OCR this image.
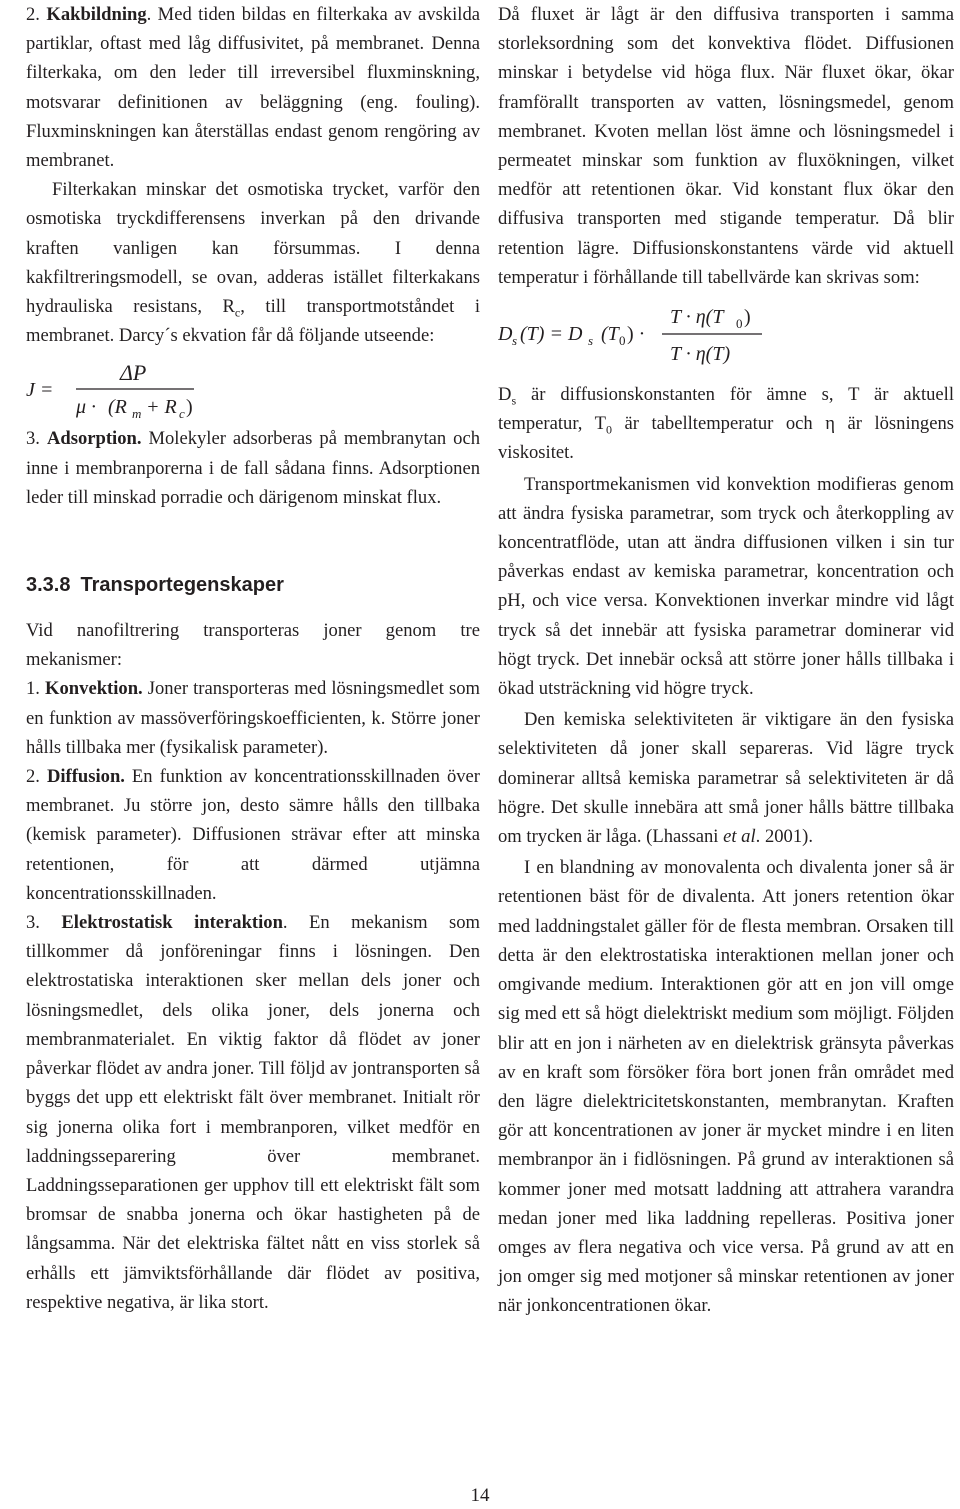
2. Kakbildning. Med tiden bildas en filterkaka av avskilda partiklar, oftast med låg diffusivitet, på membranet. Denna filterkaka, om den leder till irreversibel fluxminskning, motsvarar definitionen av beläggning (eng. fouling). Fluxminskningen kan återställas endast genom rengöring av membranet.

Filterkakan minskar det osmotiska trycket, varför den osmotiska tryckdifferensens inverkan på den drivande kraften vanligen kan försummas. I denna kakfiltreringsmodell, se ovan, adderas istället filterkakans hydrauliska resistans, $R_c$, till transportmotståndet i membranet. Darcy´s ekvation får då följande utseende:

J =
ΔP
μ · (R m + R c )

3. Adsorption. Molekyler adsorberas på membranytan och inne i membranporerna i de fall sådana finns. Adsorptionen leder till minskad porradie och därigenom minskat flux.

3.3.8 Transportegenskaper

Vid nanofiltrering transporteras joner genom tre mekanismer:

1. Konvektion. Joner transporteras med lösningsmedlet som en funktion av massöverföringskoefficienten, k. Större joner hålls tillbaka mer (fysikalisk parameter).

2. Diffusion. En funktion av koncentrationsskillnaden över membranet. Ju större jon, desto sämre hålls den tillbaka (kemisk parameter). Diffusionen strävar efter att minska retentionen, för att därmed utjämna koncentrationsskillnaden.

3. Elektrostatisk interaktion. En mekanism som tillkommer då jonföreningar finns i lösningen. Den elektrostatiska interaktionen sker mellan dels joner och lösningsmedlet, dels olika joner, dels jonerna och membranmaterialet. En viktig faktor då flödet av joner påverkar flödet av andra joner. Till följd av jontransporten så byggs det upp ett elektriskt fält över membranet. Initialt rör sig jonerna olika fort i membranporen, vilket medför en laddningsseparering över membranet. Laddningsseparationen ger upphov till ett elektriskt fält som bromsar de snabba jonerna och ökar hastigheten på de långsamma. När det elektriska fältet nått en viss storlek så erhålls ett jämviktsförhållande där flödet av positiva, respektive negativa, är lika stort.

Då fluxet är lågt är den diffusiva transporten i samma storleksordning som det konvektiva flödet. Diffusionen minskar i betydelse vid höga flux. När fluxet ökar, ökar framförallt transporten av vatten, lösningsmedel, genom membranet. Kvoten mellan löst ämne och lösningsmedel i permeatet minskar som funktion av fluxökningen, vilket medför att retentionen ökar. Vid konstant flux ökar den diffusiva transporten med stigande temperatur. Då blir retention lägre. Diffusionskonstantens värde vid aktuell temperatur i förhållande till tabellvärde kan skrivas som:

D s (T) = D s (T 0 ) ·
T · η(T 0 )
T · η(T)

$D_s$ är diffusionskonstanten för ämne s, T är aktuell temperatur, $T_0$ är tabelltemperatur och η är lösningens viskositet.

Transportmekanismen vid konvektion modifieras genom att ändra fysiska parametrar, som tryck och återkoppling av koncentratflöde, utan att ändra diffusionen vilken i sin tur påverkas endast av kemiska parametrar, koncentration och pH, och vice versa. Konvektionen inverkar mindre vid lågt tryck så det innebär att fysiska parametrar dominerar vid högt tryck. Det innebär också att större joner hålls tillbaka i ökad utsträckning vid högre tryck.

Den kemiska selektiviteten är viktigare än den fysiska selektiviteten då joner skall separeras. Vid lägre tryck dominerar alltså kemiska parametrar så selektiviteten är då högre. Det skulle innebära att små joner hålls bättre tillbaka om trycken är låga. (Lhassani et al. 2001).

I en blandning av monovalenta och divalenta joner så är retentionen bäst för de divalenta. Att joners retention ökar med laddningstalet gäller för de flesta membran. Orsaken till detta är den elektrostatiska interaktionen mellan joner och omgivande medium. Interaktionen gör att en jon vill omge sig med ett så högt dielektriskt medium som möjligt. Följden blir att en jon i närheten av en dielektrisk gränsyta påverkas av en kraft som försöker föra bort jonen från området med den lägre dielektricitetskonstanten, membranytan. Kraften gör att koncentrationen av joner är mycket mindre i en liten membranpor än i fidlösningen. På grund av interaktionen så kommer joner med motsatt laddning att attrahera varandra medan joner med lika laddning repelleras. Positiva joner omges av flera negativa och vice versa. På grund av att en jon omger sig med motjoner så minskar retentionen av joner när jonkoncentrationen ökar.

14
